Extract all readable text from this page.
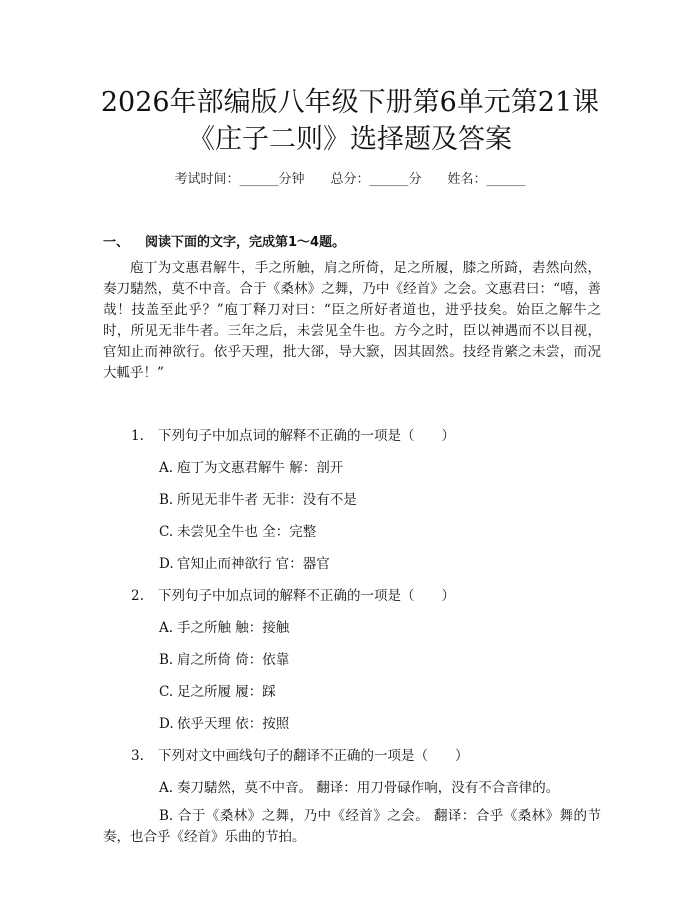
2026年部编版八年级下册第6单元第21课
《庄子二则》选择题及答案
考试时间：______分钟 总分：______分 姓名：______
一、 阅读下面的文字，完成第1～4题。
庖丁为文惠君解牛，手之所触，肩之所倚，足之所履，膝之所踦，砉然向然，奏刀騞然，莫不中音。合于《桑林》之舞，乃中《经首》之会。文惠君曰：“嘻，善哉！技盖至此乎？”庖丁释刀对曰：“臣之所好者道也，进乎技矣。始臣之解牛之时，所见无非牛者。三年之后，未尝见全牛也。方今之时，臣以神遇而不以目视，官知止而神欲行。依乎天理，批大郤，导大窾，因其固然。技经肯綮之未尝，而况大軱乎！”
1. 下列句子中加点词的解释不正确的一项是（　　）
A. 庖丁为文惠君解牛 解：剖开
B. 所见无非牛者 无非：没有不是
C. 未尝见全牛也 全：完整
D. 官知止而神欲行 官：器官
2. 下列句子中加点词的解释不正确的一项是（　　）
A. 手之所触 触：接触
B. 肩之所倚 倚：依靠
C. 足之所履 履：踩
D. 依乎天理 依：按照
3. 下列对文中画线句子的翻译不正确的一项是（　　）
A. 奏刀騞然，莫不中音。 翻译：用刀骨碌作响，没有不合音律的。
B. 合于《桑林》之舞，乃中《经首》之会。 翻译：合乎《桑林》舞的节奏，也合乎《经首》乐曲的节拍。
